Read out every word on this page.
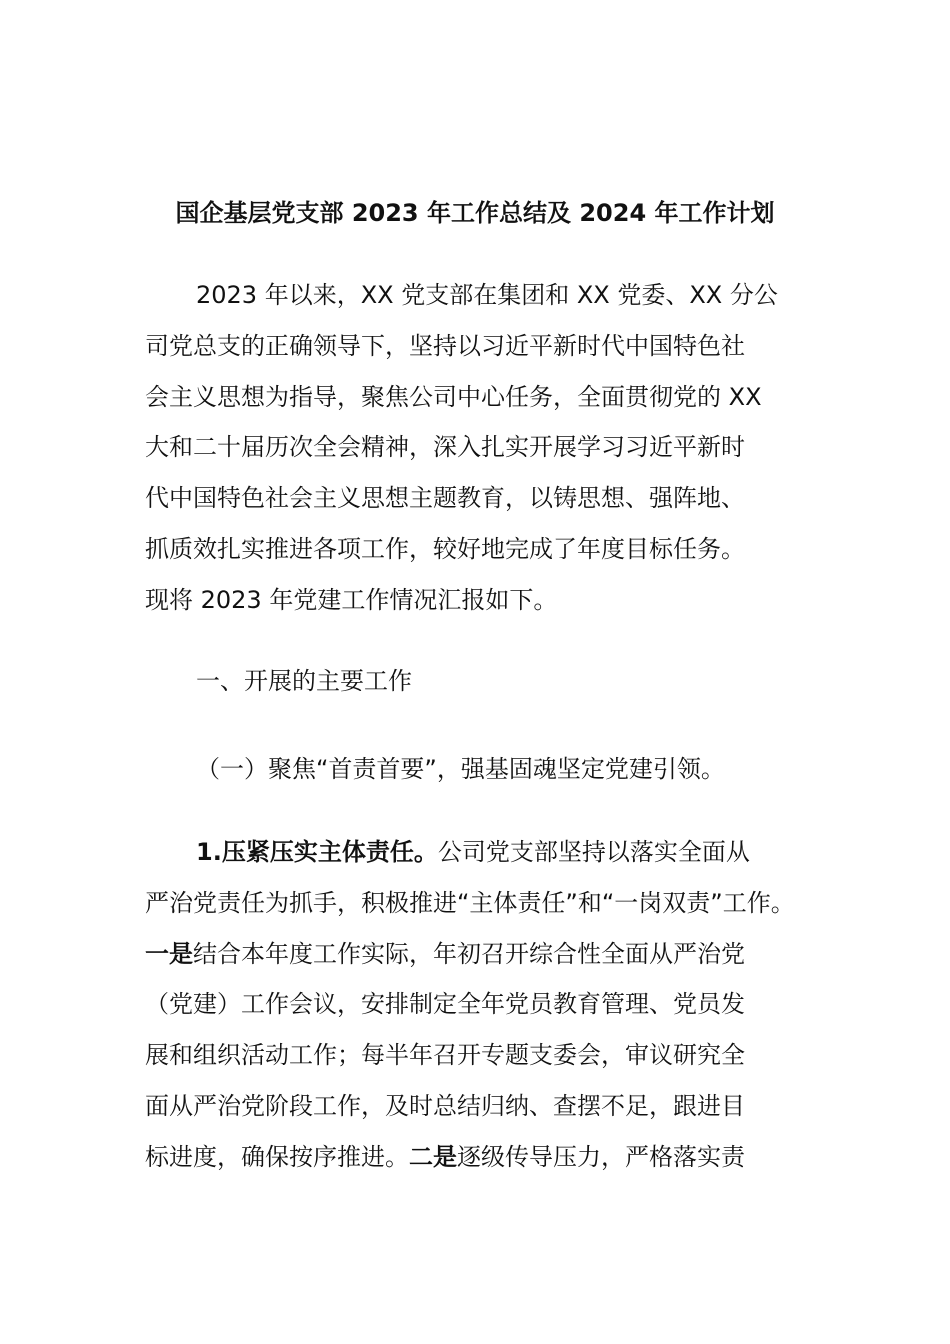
国企基层党支部 2023 年工作总结及 2024 年工作计划
2023 年以来，XX 党支部在集团和 XX 党委、XX 分公
司党总支的正确领导下，坚持以习近平新时代中国特色社
会主义思想为指导，聚焦公司中心任务，全面贯彻党的 XX
大和二十届历次全会精神，深入扎实开展学习习近平新时
代中国特色社会主义思想主题教育，以铸思想、强阵地、
抓质效扎实推进各项工作，较好地完成了年度目标任务。
现将 2023 年党建工作情况汇报如下。
一、开展的主要工作
（一）聚焦“首责首要”，强基固魂坚定党建引领。
1.压紧压实主体责任。公司党支部坚持以落实全面从
严治党责任为抓手，积极推进“主体责任”和“一岗双责”工作。
一是结合本年度工作实际，年初召开综合性全面从严治党
（党建）工作会议，安排制定全年党员教育管理、党员发
展和组织活动工作；每半年召开专题支委会，审议研究全
面从严治党阶段工作，及时总结归纳、查摆不足，跟进目
标进度，确保按序推进。二是逐级传导压力，严格落实责
